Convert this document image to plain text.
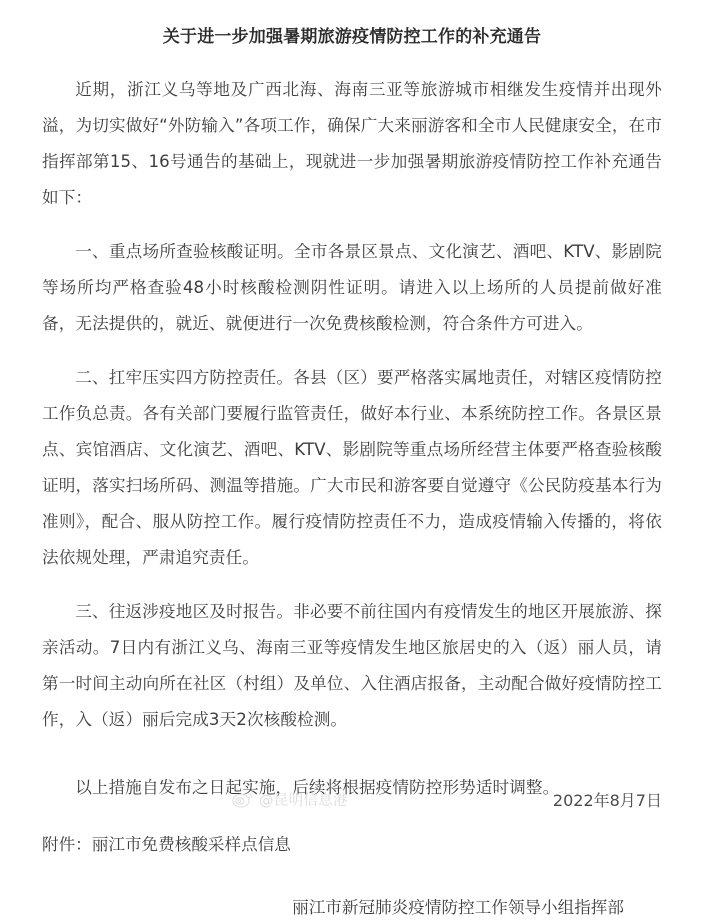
关于进一步加强暑期旅游疫情防控工作的补充通告

近期，浙江义乌等地及广西北海、海南三亚等旅游城市相继发生疫情并出现外溢，为切实做好“外防输入”各项工作，确保广大来丽游客和全市人民健康安全，在市指挥部第15、16号通告的基础上，现就进一步加强暑期旅游疫情防控工作补充通告如下：

一、重点场所查验核酸证明。全市各景区景点、文化演艺、酒吧、KTV、影剧院等场所均严格查验48小时核酸检测阴性证明。请进入以上场所的人员提前做好准备，无法提供的，就近、就便进行一次免费核酸检测，符合条件方可进入。

二、扛牢压实四方防控责任。各县（区）要严格落实属地责任，对辖区疫情防控工作负总责。各有关部门要履行监管责任，做好本行业、本系统防控工作。各景区景点、宾馆酒店、文化演艺、酒吧、KTV、影剧院等重点场所经营主体要严格查验核酸证明，落实扫场所码、测温等措施。广大市民和游客要自觉遵守《公民防疫基本行为准则》，配合、服从防控工作。履行疫情防控责任不力，造成疫情输入传播的，将依法依规处理，严肃追究责任。

三、往返涉疫地区及时报告。非必要不前往国内有疫情发生的地区开展旅游、探亲活动。7日内有浙江义乌、海南三亚等疫情发生地区旅居史的入（返）丽人员，请第一时间主动向所在社区（村组）及单位、入住酒店报备，主动配合做好疫情防控工作，入（返）丽后完成3天2次核酸检测。

以上措施自发布之日起实施，后续将根据疫情防控形势适时调整。

附件：丽江市免费核酸采样点信息

丽江市新冠肺炎疫情防控工作领导小组指挥部

@昆明信息港	2022年8月7日
